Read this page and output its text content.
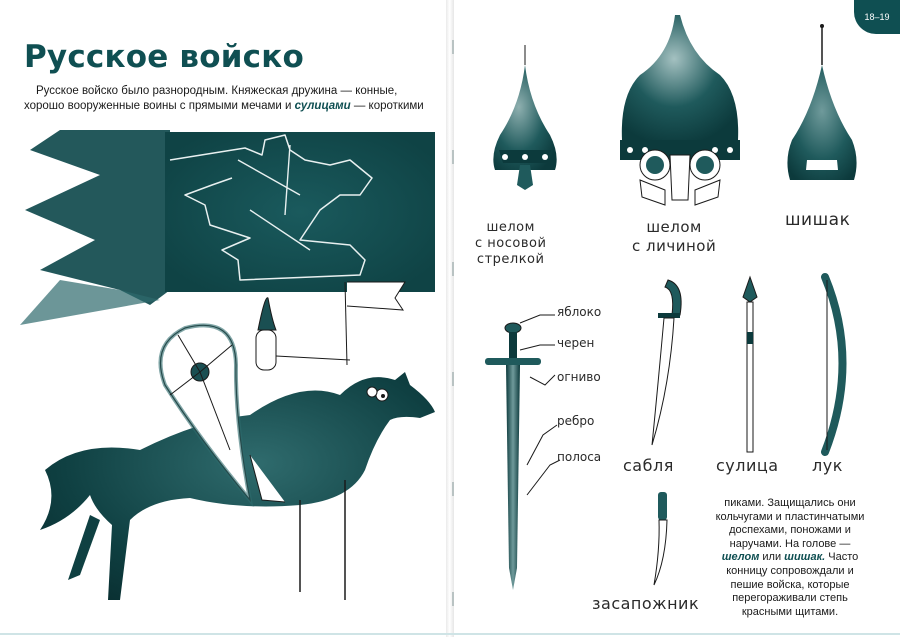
18–19
Русское войско
Русское войско было разнородным. Княжеская дружина — конные,
хорошо вооруженные воины с прямыми мечами и сулицами — короткими
шелом
с носовой
стрелкой
шелом
с личиной
шишак
яблоко
черен
огниво
ребро
полоса сабля	сулица лук
засапожник
пиками. Защищались они кольчугами и пластинчатыми доспехами, поножами и наручами. На голове — шелом или шишак. Часто конницу сопровождали и пешие войска, которые перегораживали степь красными щитами.
